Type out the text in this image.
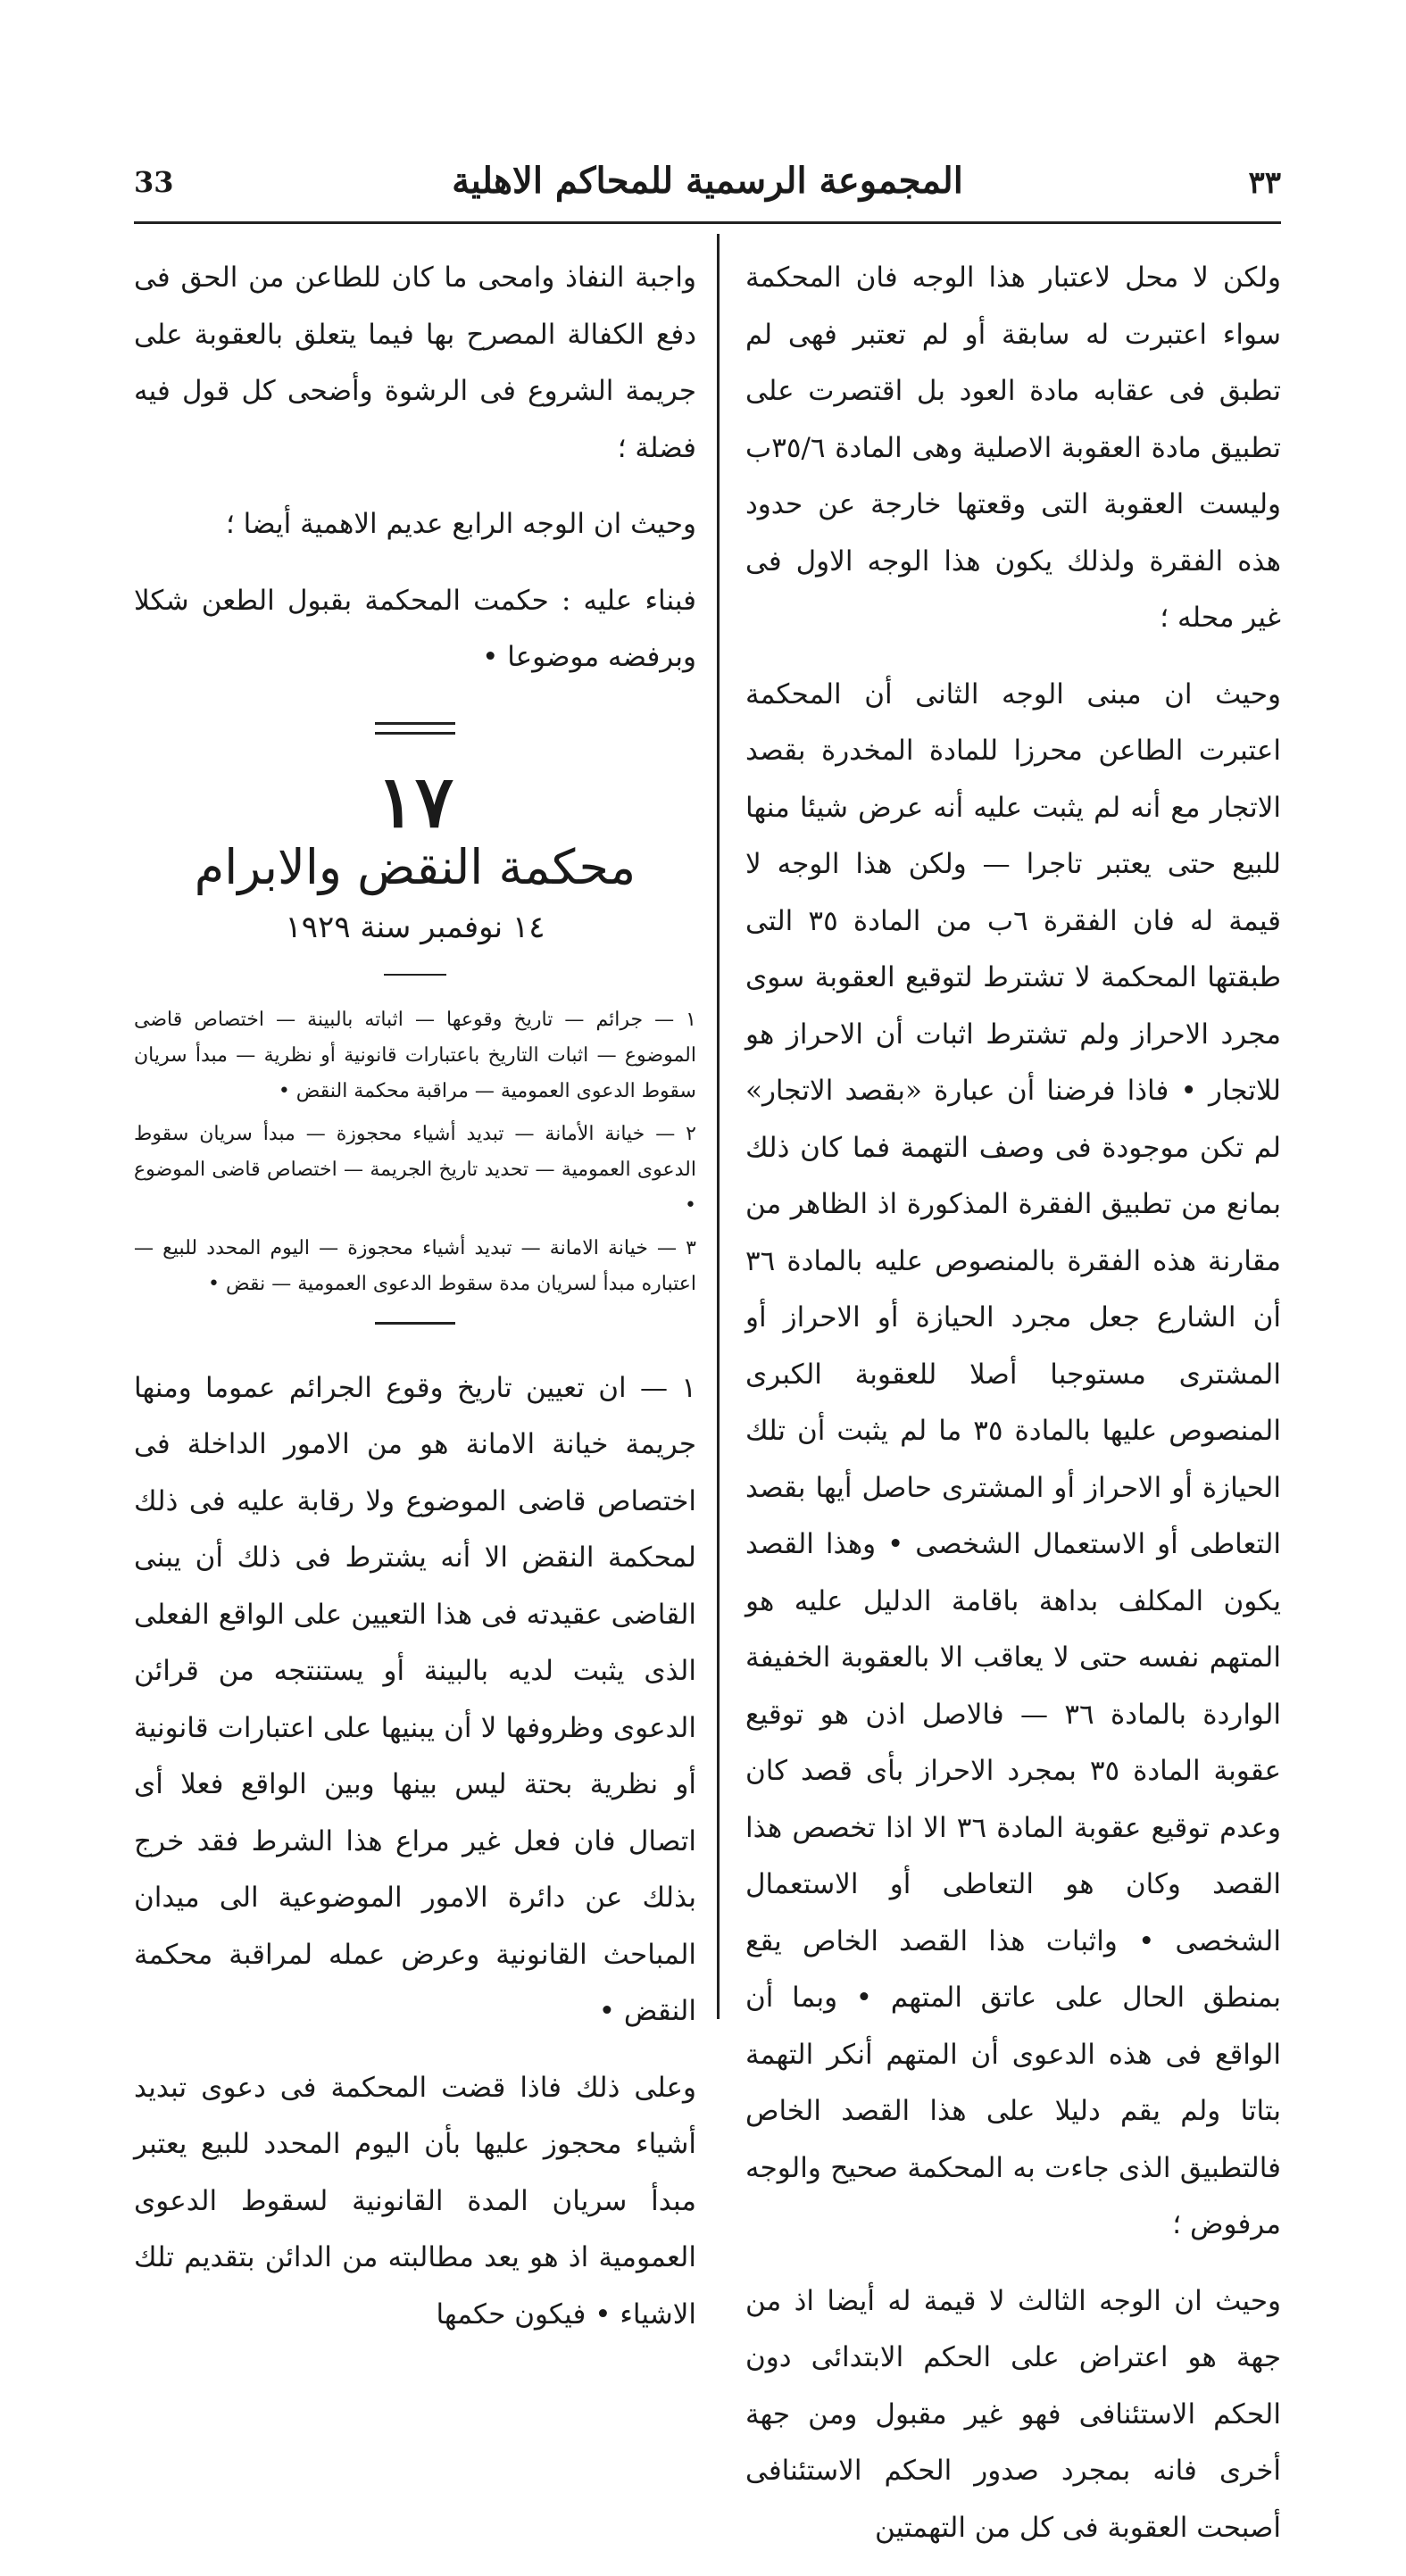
٣٣
المجموعة الرسمية للمحاكم الاهلية
33

ولكن لا محل لاعتبار هذا الوجه فان المحكمة سواء اعتبرت له سابقة أو لم تعتبر فهى لم تطبق فى عقابه مادة العود بل اقتصرت على تطبيق مادة العقوبة الاصلية وهى المادة ٣٥/٦ب وليست العقوبة التى وقعتها خارجة عن حدود هذه الفقرة ولذلك يكون هذا الوجه الاول فى غير محله ؛

وحيث ان مبنى الوجه الثانى أن المحكمة اعتبرت الطاعن محرزا للمادة المخدرة بقصد الاتجار مع أنه لم يثبت عليه أنه عرض شيئا منها للبيع حتى يعتبر تاجرا — ولكن هذا الوجه لا قيمة له فان الفقرة ٦ب من المادة ٣٥ التى طبقتها المحكمة لا تشترط لتوقيع العقوبة سوى مجرد الاحراز ولم تشترط اثبات أن الاحراز هو للاتجار • فاذا فرضنا أن عبارة «بقصد الاتجار» لم تكن موجودة فى وصف التهمة فما كان ذلك بمانع من تطبيق الفقرة المذكورة اذ الظاهر من مقارنة هذه الفقرة بالمنصوص عليه بالمادة ٣٦ أن الشارع جعل مجرد الحيازة أو الاحراز أو المشترى مستوجبا أصلا للعقوبة الكبرى المنصوص عليها بالمادة ٣٥ ما لم يثبت أن تلك الحيازة أو الاحراز أو المشترى حاصل أيها بقصد التعاطى أو الاستعمال الشخصى • وهذا القصد يكون المكلف بداهة باقامة الدليل عليه هو المتهم نفسه حتى لا يعاقب الا بالعقوبة الخفيفة الواردة بالمادة ٣٦ — فالاصل اذن هو توقيع عقوبة المادة ٣٥ بمجرد الاحراز بأى قصد كان وعدم توقيع عقوبة المادة ٣٦ الا اذا تخصص هذا القصد وكان هو التعاطى أو الاستعمال الشخصى • واثبات هذا القصد الخاص يقع بمنطق الحال على عاتق المتهم • وبما أن الواقع فى هذه الدعوى أن المتهم أنكر التهمة بتاتا ولم يقم دليلا على هذا القصد الخاص فالتطبيق الذى جاءت به المحكمة صحيح والوجه مرفوض ؛

وحيث ان الوجه الثالث لا قيمة له أيضا اذ من جهة هو اعتراض على الحكم الابتدائى دون الحكم الاستئنافى فهو غير مقبول ومن جهة أخرى فانه بمجرد صدور الحكم الاستئنافى أصبحت العقوبة فى كل من التهمتين

واجبة النفاذ وامحى ما كان للطاعن من الحق فى دفع الكفالة المصرح بها فيما يتعلق بالعقوبة على جريمة الشروع فى الرشوة وأضحى كل قول فيه فضلة ؛

وحيث ان الوجه الرابع عديم الاهمية أيضا ؛

فبناء عليه : حكمت المحكمة بقبول الطعن شكلا وبرفضه موضوعا •

١٧
محكمة النقض والابرام
١٤ نوفمبر سنة ١٩٢٩

١ — جرائم — تاريخ وقوعها — اثباته بالبينة — اختصاص قاضى الموضوع — اثبات التاريخ باعتبارات قانونية أو نظرية — مبدأ سريان سقوط الدعوى العمومية — مراقبة محكمة النقض •

٢ — خيانة الأمانة — تبديد أشياء محجوزة — مبدأ سريان سقوط الدعوى العمومية — تحديد تاريخ الجريمة — اختصاص قاضى الموضوع •

٣ — خيانة الامانة — تبديد أشياء محجوزة — اليوم المحدد للبيع — اعتباره مبدأ لسريان مدة سقوط الدعوى العمومية — نقض •

١ — ان تعيين تاريخ وقوع الجرائم عموما ومنها جريمة خيانة الامانة هو من الامور الداخلة فى اختصاص قاضى الموضوع ولا رقابة عليه فى ذلك لمحكمة النقض الا أنه يشترط فى ذلك أن يبنى القاضى عقيدته فى هذا التعيين على الواقع الفعلى الذى يثبت لديه بالبينة أو يستنتجه من قرائن الدعوى وظروفها لا أن يبنيها على اعتبارات قانونية أو نظرية بحتة ليس بينها وبين الواقع فعلا أى اتصال فان فعل غير مراع هذا الشرط فقد خرج بذلك عن دائرة الامور الموضوعية الى ميدان المباحث القانونية وعرض عمله لمراقبة محكمة النقض •

وعلى ذلك فاذا قضت المحكمة فى دعوى تبديد أشياء محجوز عليها بأن اليوم المحدد للبيع يعتبر مبدأ سريان المدة القانونية لسقوط الدعوى العمومية اذ هو يعد مطالبته من الدائن بتقديم تلك الاشياء • فيكون حكمها
